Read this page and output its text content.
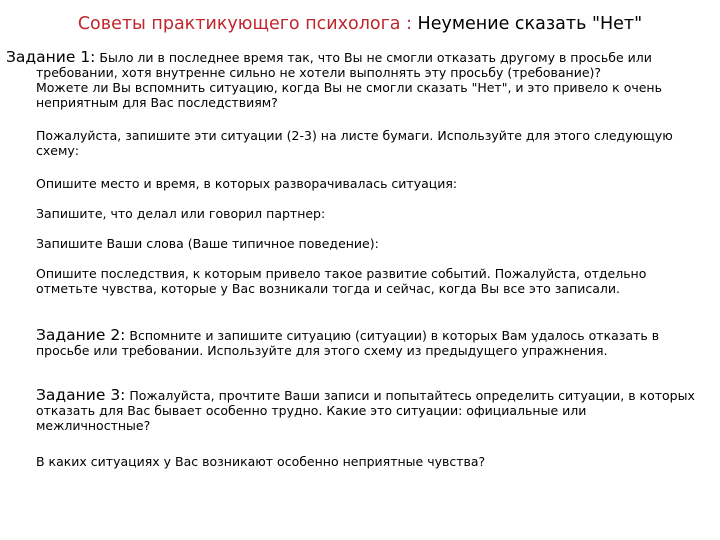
Советы практикующего психолога : Неумение сказать "Нет"

Задание 1: Было ли в последнее время так, что Вы не смогли отказать другому в просьбе или

требовании, хотя внутренне сильно не хотели выполнять эту просьбу (требование)?

Можете ли Вы вспомнить ситуацию, когда Вы не смогли сказать "Нет", и это привело к очень

неприятным для Вас последствиям?

Пожалуйста, запишите эти ситуации (2-3) на листе бумаги. Используйте для этого следующую

схему:

Опишите место и время, в которых разворачивалась ситуация:
Запишите, что делал или говорил партнер:
Запишите Ваши слова (Ваше типичное поведение):

Опишите последствия, к которым привело такое развитие событий. Пожалуйста, отдельно

отметьте чувства, которые у Вас возникали тогда и сейчас, когда Вы все это записали.

Задание 2: Вспомните и запишите ситуацию (ситуации) в которых Вам удалось отказать в

просьбе или требовании. Используйте для этого схему из предыдущего упражнения.

Задание 3: Пожалуйста, прочтите Ваши записи и попытайтесь определить ситуации, в которых

отказать для Вас бывает особенно трудно. Какие это ситуации: официальные или

межличностные?

В каких ситуациях у Вас возникают особенно неприятные чувства?
